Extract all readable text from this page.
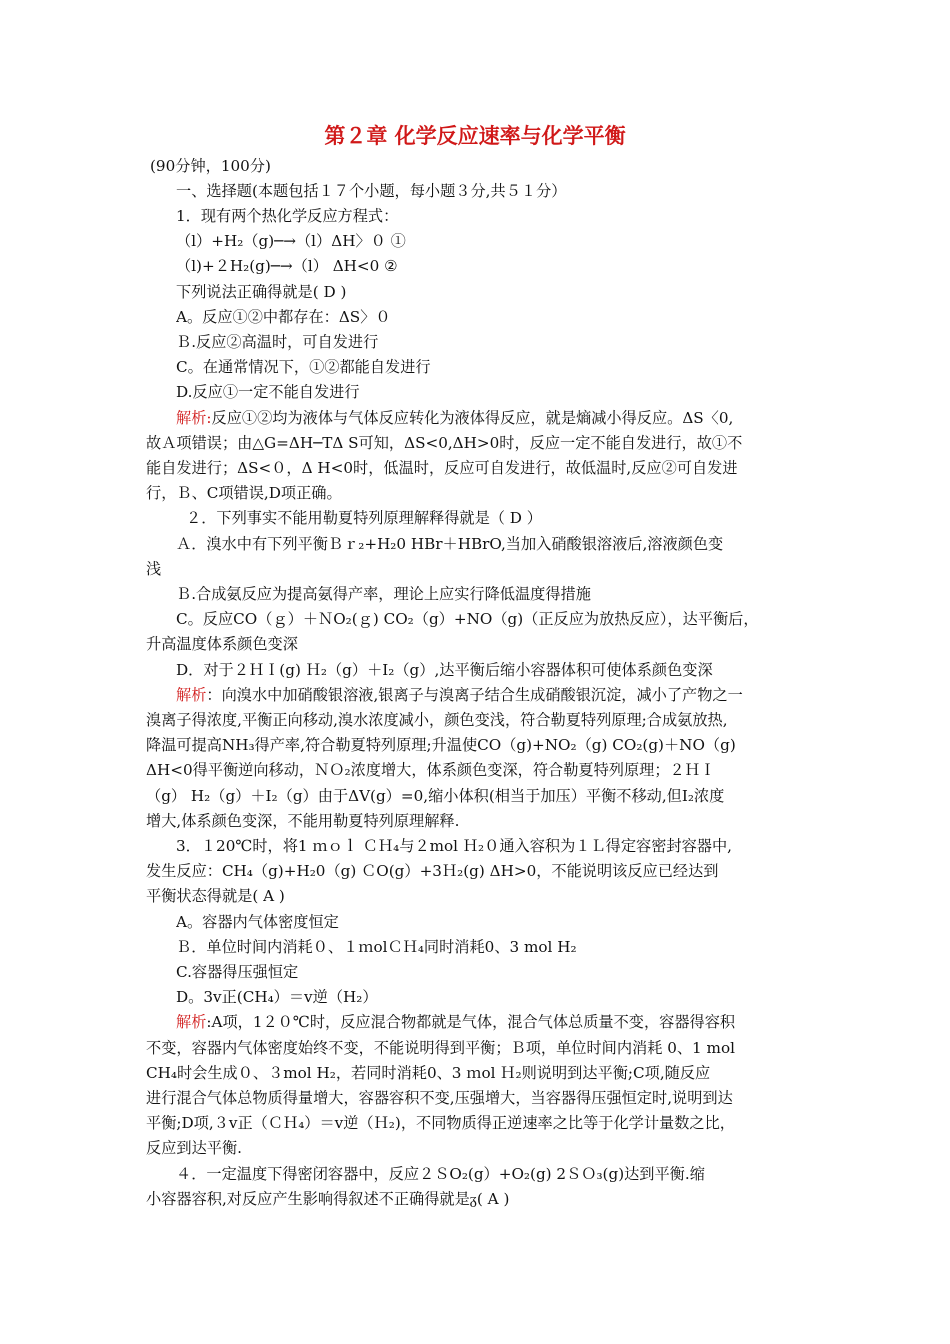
第２章 化学反应速率与化学平衡
(90分钟，100分)
一、选择题(本题包括１７个小题，每小题３分,共５１分）
1．现有两个热化学反应方程式：
（l）+H₂（g)─→（l）ΔH〉０ ①
（l)+２H₂(g)─→（l） ΔH<0 ②
下列说法正确得就是( D )
A。反应①②中都存在：ΔS〉０
Ｂ.反应②高温时，可自发进行
C。在通常情况下，①②都能自发进行
D.反应①一定不能自发进行
解析:反应①②均为液体与气体反应转化为液体得反应，就是熵减小得反应。ΔS〈0,
故Ａ项错误；由△G=ΔH─TΔ S可知，ΔS<0,ΔH>0时，反应一定不能自发进行，故①不
能自发进行；ΔS<０，Δ H<0时，低温时，反应可自发进行，故低温时,反应②可自发进
行，Ｂ、C项错误,D项正确。
２．下列事实不能用勒夏特列原理解释得就是（ D ）
Ａ．溴水中有下列平衡Ｂｒ₂+H₂0 HBr＋HBrO,当加入硝酸银溶液后,溶液颜色变
浅
Ｂ.合成氨反应为提高氨得产率，理论上应实行降低温度得措施
C。反应CO（ｇ）＋ＮO₂(ｇ) CO₂（g）+NO（g)（正反应为放热反应），达平衡后，
升高温度体系颜色变深
D．对于２ＨＩ(g) Ｈ₂（g）＋I₂（g）,达平衡后缩小容器体积可使体系颜色变深
解析：向溴水中加硝酸银溶液,银离子与溴离子结合生成硝酸银沉淀，减小了产物之一
溴离子得浓度,平衡正向移动,溴水浓度减小，颜色变浅，符合勒夏特列原理;合成氨放热,
降温可提高NH₃得产率,符合勒夏特列原理;升温使CO（g)+NO₂（g) CO₂(g)＋NO（g)
ΔH<0得平衡逆向移动，ＮＯ₂浓度增大，体系颜色变深，符合勒夏特列原理；２ＨＩ
（g） H₂（g）＋I₂（g）由于ΔV(g）=0,缩小体积(相当于加压）平衡不移动,但I₂浓度
增大,体系颜色变深，不能用勒夏特列原理解释.
3．１20℃时，将1 ｍｏｌ ＣＨ₄与２mol Ｈ₂０通入容积为１Ｌ得定容密封容器中,
发生反应：CH₄（g)+H₂0（g) ＣO(g）+3Ｈ₂(g) ΔH>0，不能说明该反应已经达到
平衡状态得就是( A )
A。容器内气体密度恒定
Ｂ．单位时间内消耗０、１ｍolＣＨ₄同时消耗0、3 mol H₂
C.容器得压强恒定
D。3v正(CH₄）＝v逆（H₂）
解析:A项，1２０℃时，反应混合物都就是气体，混合气体总质量不变，容器得容积
不变，容器内气体密度始终不变，不能说明得到平衡；Ｂ项，单位时间内消耗 0、1 mol
CH₄时会生成０、３mol H₂，若同时消耗0、3 ｍol Ｈ₂则说明到达平衡;C项,随反应
进行混合气体总物质得量增大，容器容积不变,压强增大，当容器得压强恒定时,说明到达
平衡;D项,３v正（ＣＨ₄）＝v逆（Ｈ₂)，不同物质得正逆速率之比等于化学计量数之比，
反应到达平衡.
４．一定温度下得密闭容器中，反应２ＳO₂(g）+O₂(g) 2ＳＯ₃(g)达到平衡.缩
小容器容积,对反应产生影响得叙述不正确得就是ᵹ( A )
